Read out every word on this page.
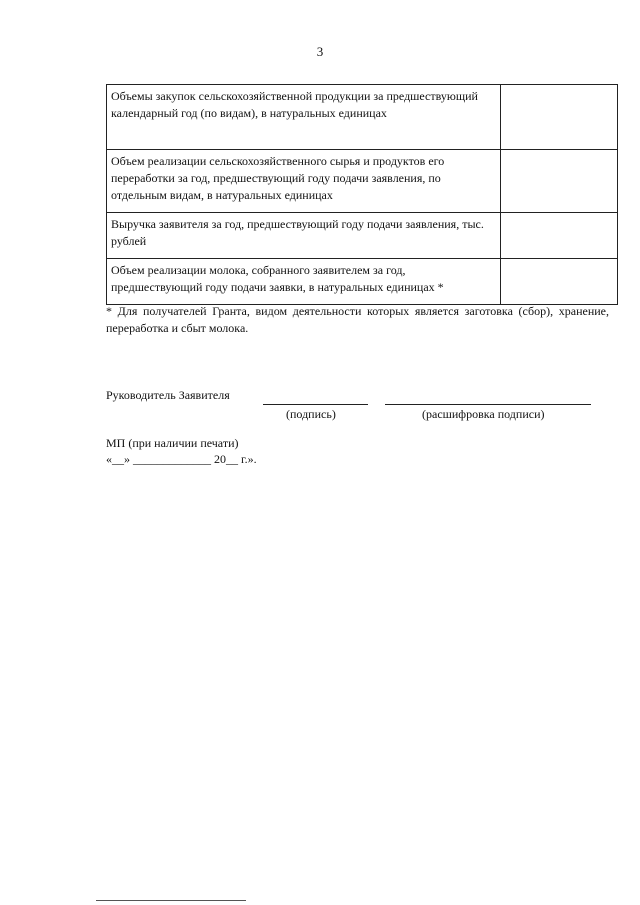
3
Объемы закупок сельскохозяйственной продукции за предшествующий календарный год (по видам), в натуральных единицах	
Объем реализации сельскохозяйственного сырья и продуктов его переработки за год, предшествующий году подачи заявления, по отдельным видам, в натуральных единицах	
Выручка заявителя за год, предшествующий году подачи заявления, тыс. рублей	
Объем реализации молока, собранного заявителем за год, предшествующий году подачи заявки, в натуральных единицах *	
* Для получателей Гранта, видом деятельности которых является заготовка (сбор), хранение, переработка и сбыт молока.
Руководитель Заявителя
(подпись)	(расшифровка подписи)
МП (при наличии печати)
«__» _____________ 20__ г.».
